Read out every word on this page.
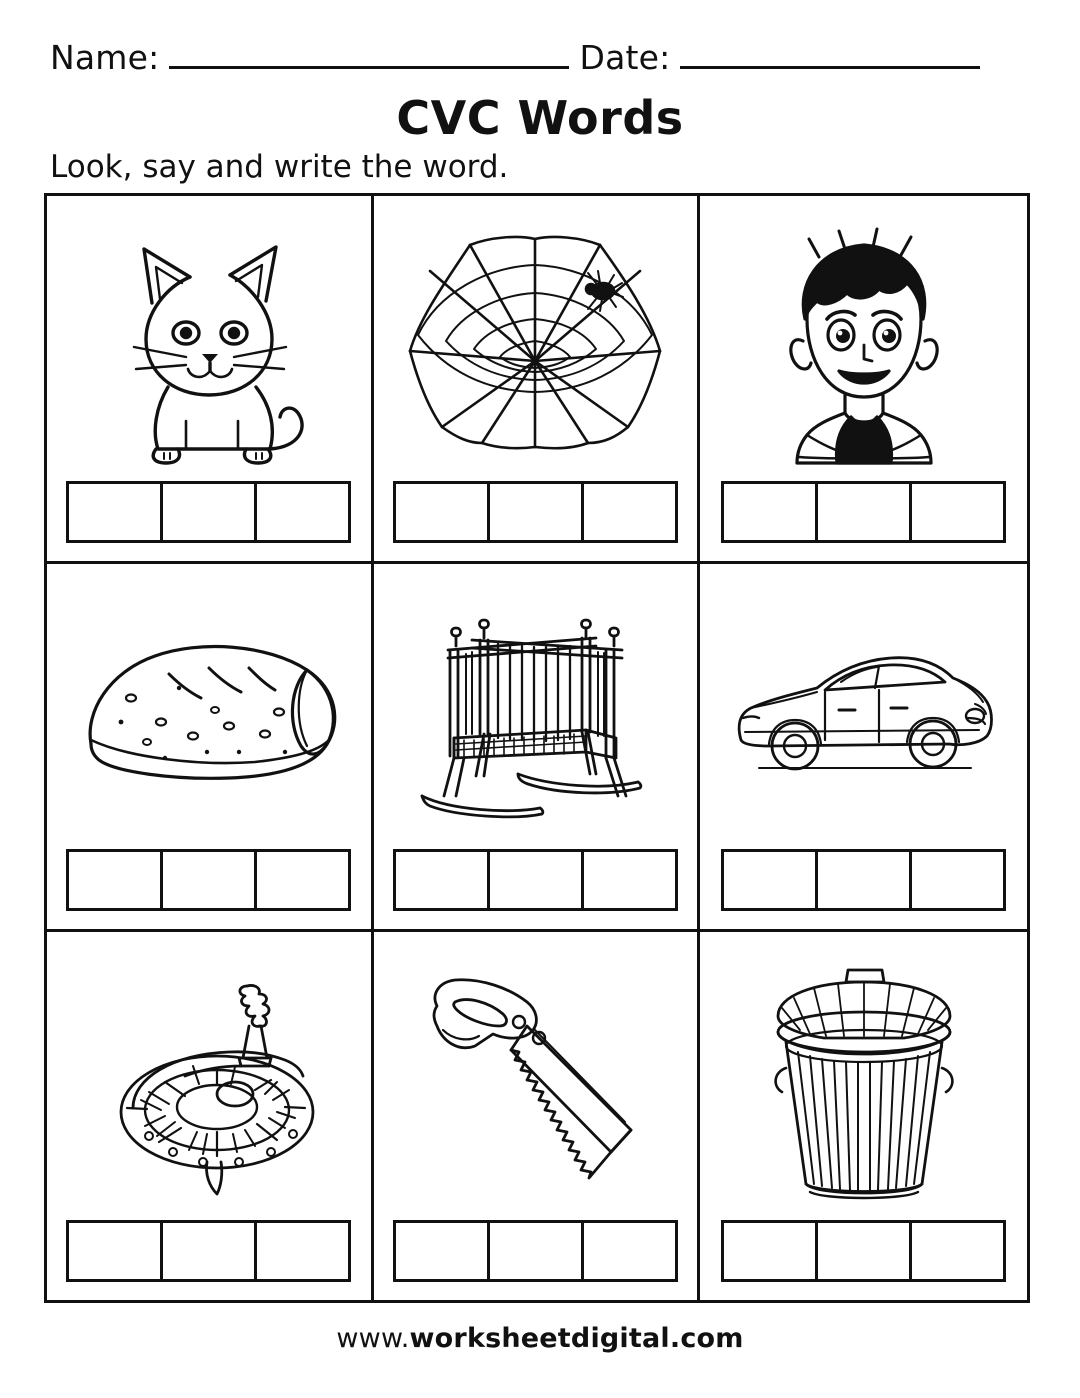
Name:	Date:
CVC Words
Look, say and write the word.
www.worksheetdigital.com
